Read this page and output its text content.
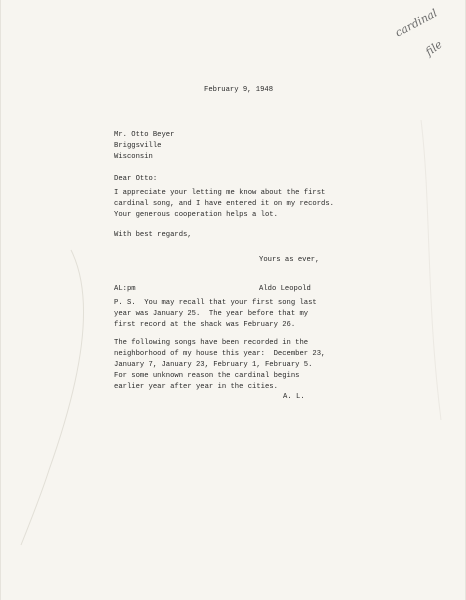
cardinal
file
February 9, 1948
Mr. Otto Beyer
Briggsville
Wisconsin
Dear Otto:
I appreciate your letting me know about the first
cardinal song, and I have entered it on my records.
Your generous cooperation helps a lot.
With best regards,
Yours as ever,
AL:pm	Aldo Leopold
P. S.  You may recall that your first song last
year was January 25.  The year before that my
first record at the shack was February 26.
The following songs have been recorded in the
neighborhood of my house this year:  December 23,
January 7, January 23, February 1, February 5.
For some unknown reason the cardinal begins
earlier year after year in the cities.
A. L.
